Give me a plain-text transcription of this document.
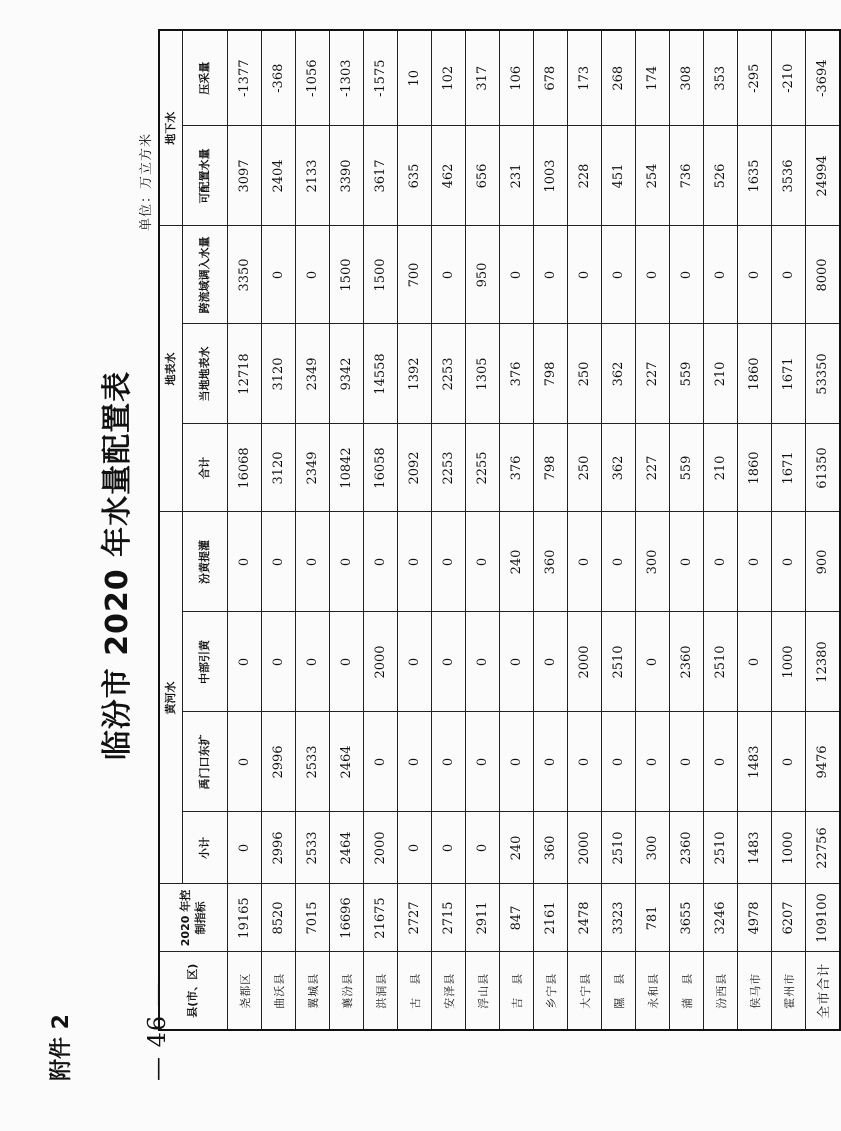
— 46 —
附件 2
临汾市 2020 年水量配置表
单位：万立方米
县(市、区)	2020 年控制指标	黄河水				地表水			地下水	
		小计	禹门口东扩	中部引黄	汾黄提灌	合计	当地地表水	跨流域调入水量	可配置水量	压采量
尧都区	19165	0	0	0	0	16068	12718	3350	3097	-1377
曲沃县	8520	2996	2996	0	0	3120	3120	0	2404	-368
翼城县	7015	2533	2533	0	0	2349	2349	0	2133	-1056
襄汾县	16696	2464	2464	0	0	10842	9342	1500	3390	-1303
洪洞县	21675	2000	0	2000	0	16058	14558	1500	3617	-1575
古　县	2727	0	0	0	0	2092	1392	700	635	10
安泽县	2715	0	0	0	0	2253	2253	0	462	102
浮山县	2911	0	0	0	0	2255	1305	950	656	317
吉　县	847	240	0	0	240	376	376	0	231	106
乡宁县	2161	360	0	0	360	798	798	0	1003	678
大宁县	2478	2000	0	2000	0	250	250	0	228	173
隰　县	3323	2510	0	2510	0	362	362	0	451	268
永和县	781	300	0	0	300	227	227	0	254	174
蒲　县	3655	2360	0	2360	0	559	559	0	736	308
汾西县	3246	2510	0	2510	0	210	210	0	526	353
侯马市	4978	1483	1483	0	0	1860	1860	0	1635	-295
霍州市	6207	1000	0	1000	0	1671	1671	0	3536	-210
全市合计	109100	22756	9476	12380	900	61350	53350	8000	24994	-3694
